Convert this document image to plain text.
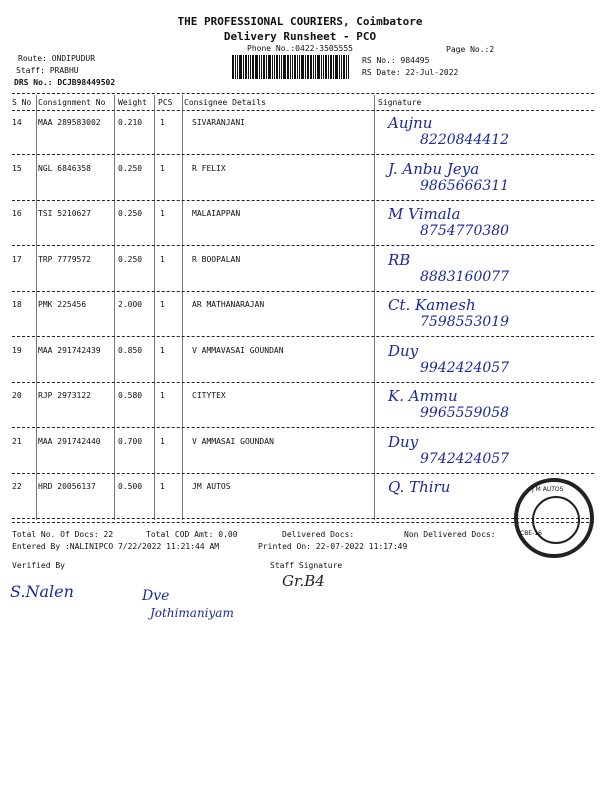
THE PROFESSIONAL COURIERS, Coimbatore
Delivery Runsheet - PCO
Phone No.:0422-3505555	Page No.:2
Route: ONDIPUDUR
Staff: PRABHU
DRS No.: DCJB98449502
RS No.: 984495
RS Date: 22-Jul-2022
S No Consignment No Weight PCS Consignee Details	Signature
14 MAA 289583002 0.210 1	SIVARANJANI	Aujnu
8220844412
15 NGL 6846358	0.250 1	R FELIX	J. Anbu Jeya
9865666311
16 TSI 5210627	0.250 1	MALAIAPPAN	M Vimala
8754770380
17 TRP 7779572	0.250 1	R BOOPALAN	RB
8883160077
18 PMK 225456	2.000 1	AR MATHANARAJAN	Ct. Kamesh
7598553019
19 MAA 291742439 0.850 1	V AMMAVASAI GOUNDAN	Duy
9942424057
20 RJP 2973122	0.580 1	CITYTEX	K. Ammu
9965559058
21 MAA 291742440 0.700 1	V AMMASAI GOUNDAN	Duy
9742424057
22 HRD 20056137	0.500 1	JM AUTOS	Q. Thiru
Total No. Of Docs: 22	Total COD Amt: 0.00	Delivered Docs:	Non Delivered Docs:
Entered By :NALINIPCO 7/22/2022 11:21:44 AM	Printed On: 22-07-2022 11:17:49
Verified By	Staff Signature
S.Nalen
Gr.B4
Dve
Jothimaniyam
J M AUTOS
CBE-16
